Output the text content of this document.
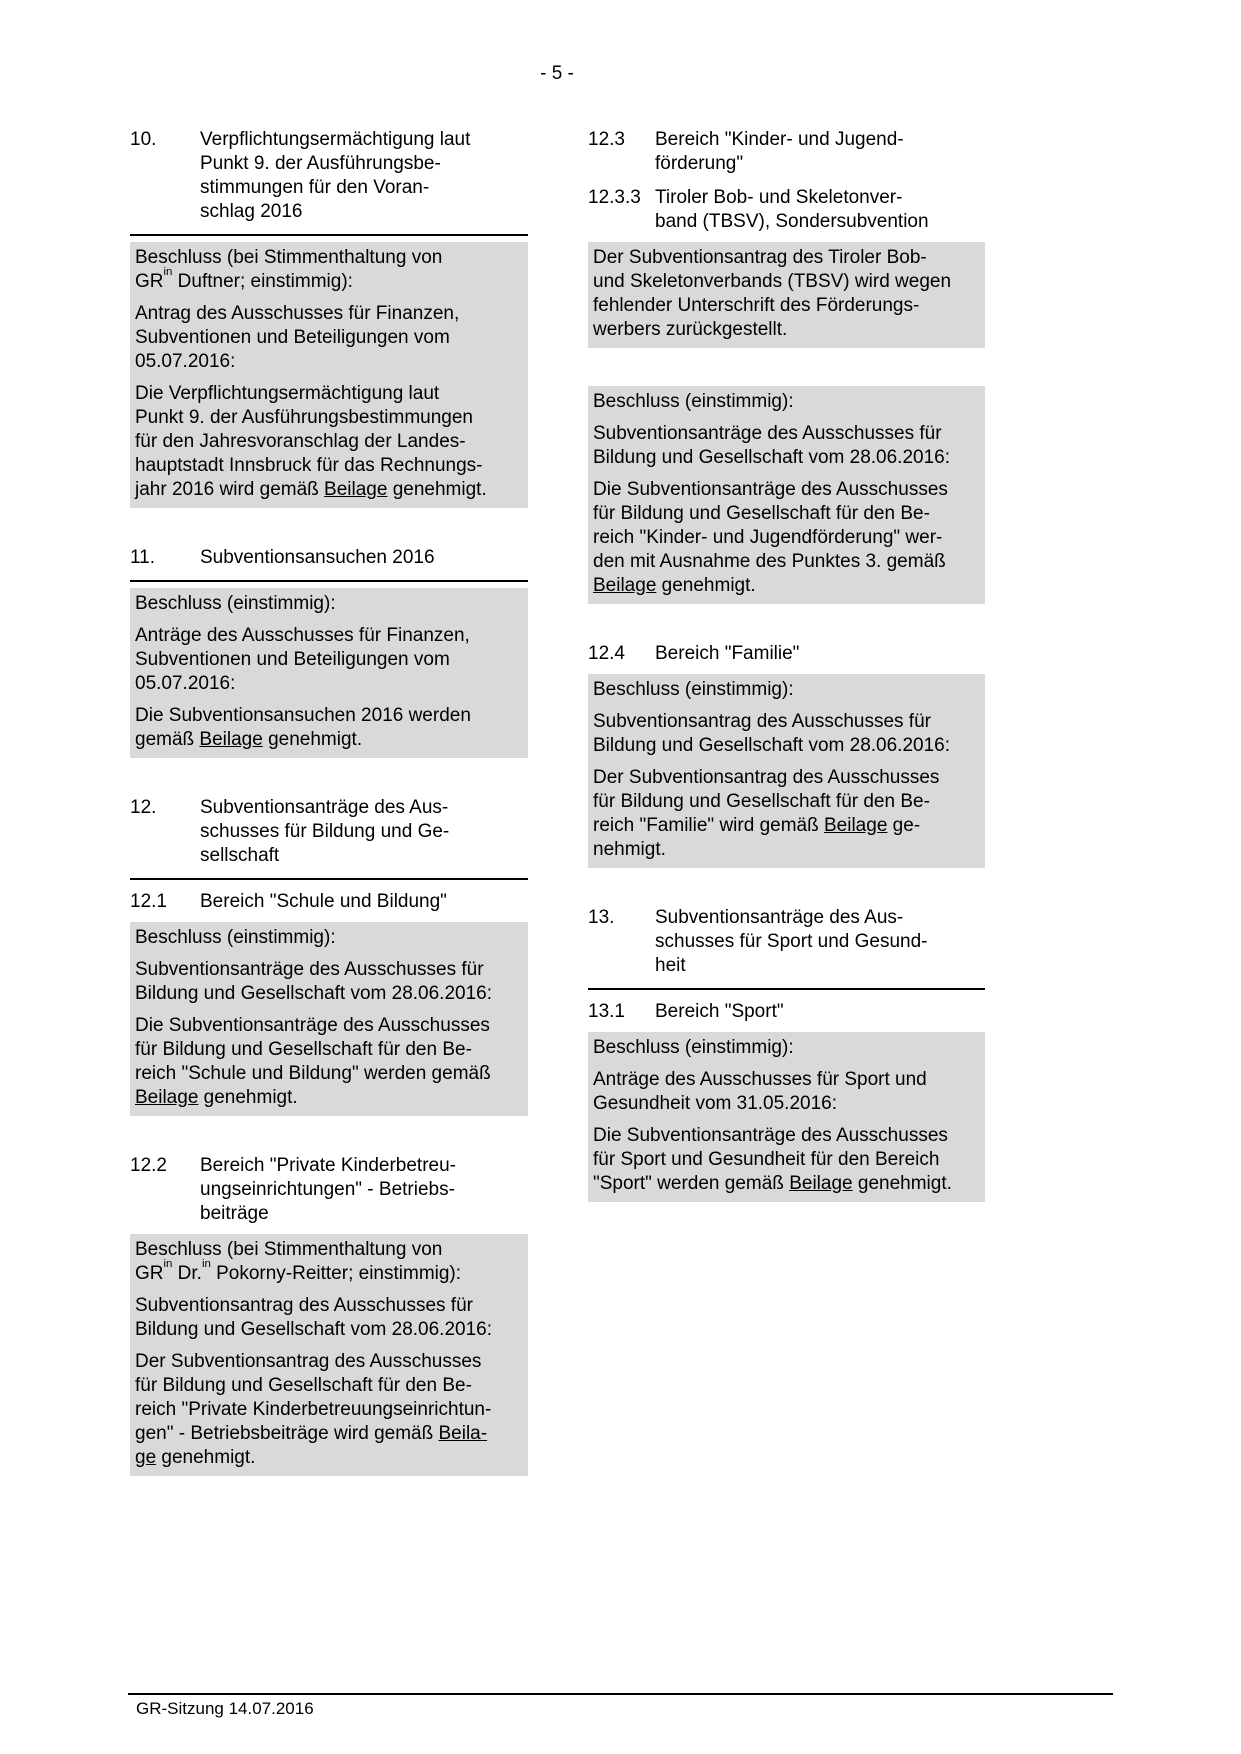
- 5 -
10.	Verpflichtungsermächtigung laut
Punkt 9. der Ausführungsbe-
stimmungen für den Voran-
schlag 2016

Beschluss (bei Stimmenthaltung von
$GR^{in}$ Duftner; einstimmig):

Antrag des Ausschusses für Finanzen,
Subventionen und Beteiligungen vom
05.07.2016:

Die Verpflichtungsermächtigung laut
Punkt 9. der Ausführungsbestimmungen
für den Jahresvoranschlag der Landes-
hauptstadt Innsbruck für das Rechnungs-
jahr 2016 wird gemäß Beilage genehmigt.

11.	Subventionsansuchen 2016

Beschluss (einstimmig):

Anträge des Ausschusses für Finanzen,
Subventionen und Beteiligungen vom
05.07.2016:

Die Subventionsansuchen 2016 werden
gemäß Beilage genehmigt.

12.	Subventionsanträge des Aus-
schusses für Bildung und Ge-
sellschaft
12.1	Bereich "Schule und Bildung"

Beschluss (einstimmig):

Subventionsanträge des Ausschusses für
Bildung und Gesellschaft vom 28.06.2016:

Die Subventionsanträge des Ausschusses
für Bildung und Gesellschaft für den Be-
reich "Schule und Bildung" werden gemäß
Beilage genehmigt.

12.2	Bereich "Private Kinderbetreu-
ungseinrichtungen" - Betriebs-
beiträge

Beschluss (bei Stimmenthaltung von
$GR^{in}$ Dr.$^{in}$ Pokorny-Reitter; einstimmig):

Subventionsantrag des Ausschusses für
Bildung und Gesellschaft vom 28.06.2016:

Der Subventionsantrag des Ausschusses
für Bildung und Gesellschaft für den Be-
reich "Private Kinderbetreuungseinrichtun-
gen" - Betriebsbeiträge wird gemäß Beila-
ge genehmigt.

12.3	Bereich "Kinder- und Jugend-
förderung"
12.3.3 Tiroler Bob- und Skeletonver-
band (TBSV), Sondersubvention

Der Subventionsantrag des Tiroler Bob-
und Skeletonverbands (TBSV) wird wegen
fehlender Unterschrift des Förderungs-
werbers zurückgestellt.

Beschluss (einstimmig):

Subventionsanträge des Ausschusses für
Bildung und Gesellschaft vom 28.06.2016:

Die Subventionsanträge des Ausschusses
für Bildung und Gesellschaft für den Be-
reich "Kinder- und Jugendförderung" wer-
den mit Ausnahme des Punktes 3. gemäß
Beilage genehmigt.

12.4	Bereich "Familie"

Beschluss (einstimmig):

Subventionsantrag des Ausschusses für
Bildung und Gesellschaft vom 28.06.2016:

Der Subventionsantrag des Ausschusses
für Bildung und Gesellschaft für den Be-
reich "Familie" wird gemäß Beilage ge-
nehmigt.

13.	Subventionsanträge des Aus-
schusses für Sport und Gesund-
heit
13.1	Bereich "Sport"

Beschluss (einstimmig):

Anträge des Ausschusses für Sport und
Gesundheit vom 31.05.2016:

Die Subventionsanträge des Ausschusses
für Sport und Gesundheit für den Bereich
"Sport" werden gemäß Beilage genehmigt.

GR-Sitzung 14.07.2016
